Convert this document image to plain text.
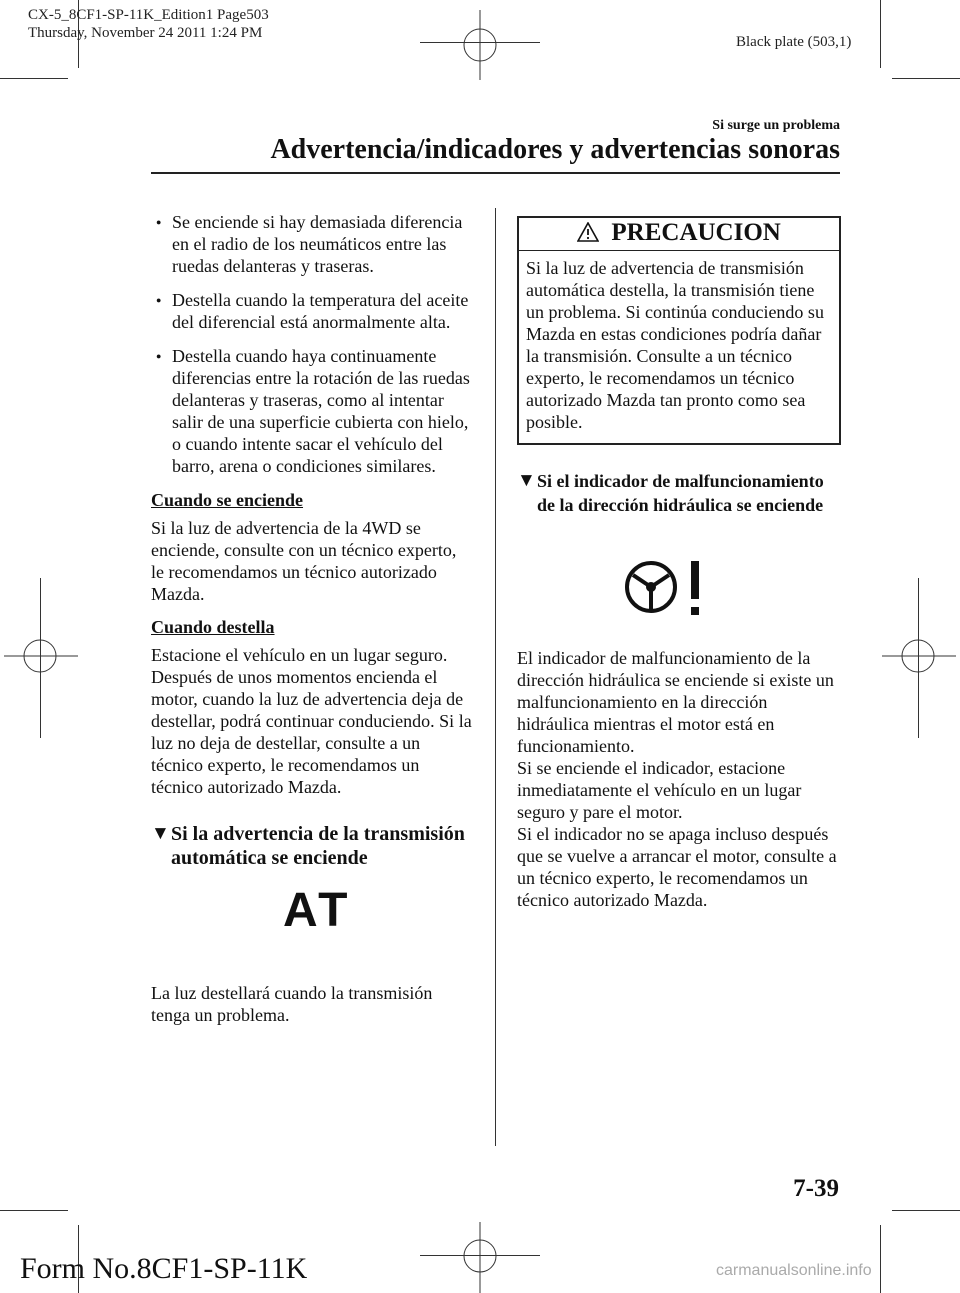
CX-5_8CF1-SP-11K_Edition1 Page503
Thursday, November 24 2011 1:24 PM
Black plate (503,1)
Si surge un problema
Advertencia/indicadores y advertencias sonoras
● Se enciende si hay demasiada diferencia en el radio de los neumáticos entre las ruedas delanteras y traseras.
● Destella cuando la temperatura del aceite del diferencial está anormalmente alta.
● Destella cuando haya continuamente diferencias entre la rotación de las ruedas delanteras y traseras, como al intentar salir de una superficie cubierta con hielo, o cuando intente sacar el vehículo del barro, arena o condiciones similares.
Cuando se enciende

Si la luz de advertencia de la 4WD se enciende, consulte con un técnico experto, le recomendamos un técnico autorizado Mazda.

Cuando destella

Estacione el vehículo en un lugar seguro. Después de unos momentos encienda el motor, cuando la luz de advertencia deja de destellar, podrá continuar conduciendo. Si la luz no deja de destellar, consulte a un técnico experto, le recomendamos un técnico autorizado Mazda.

▼ Si la advertencia de la transmisión automática se enciende
AT

La luz destellará cuando la transmisión tenga un problema.

PRECAUCION
Si la luz de advertencia de transmisión automática destella, la transmisión tiene un problema. Si continúa conduciendo su Mazda en estas condiciones podría dañar la transmisión. Consulte a un técnico experto, le recomendamos un técnico autorizado Mazda tan pronto como sea posible.
▼ Si el indicador de malfuncionamiento de la dirección hidráulica se enciende

El indicador de malfuncionamiento de la dirección hidráulica se enciende si existe un malfuncionamiento en la dirección hidráulica mientras el motor está en funcionamiento.

Si se enciende el indicador, estacione inmediatamente el vehículo en un lugar seguro y pare el motor.

Si el indicador no se apaga incluso después que se vuelve a arrancar el motor, consulte a un técnico experto, le recomendamos un técnico autorizado Mazda.

7-39
Form No.8CF1-SP-11K	carmanualsonline.info
